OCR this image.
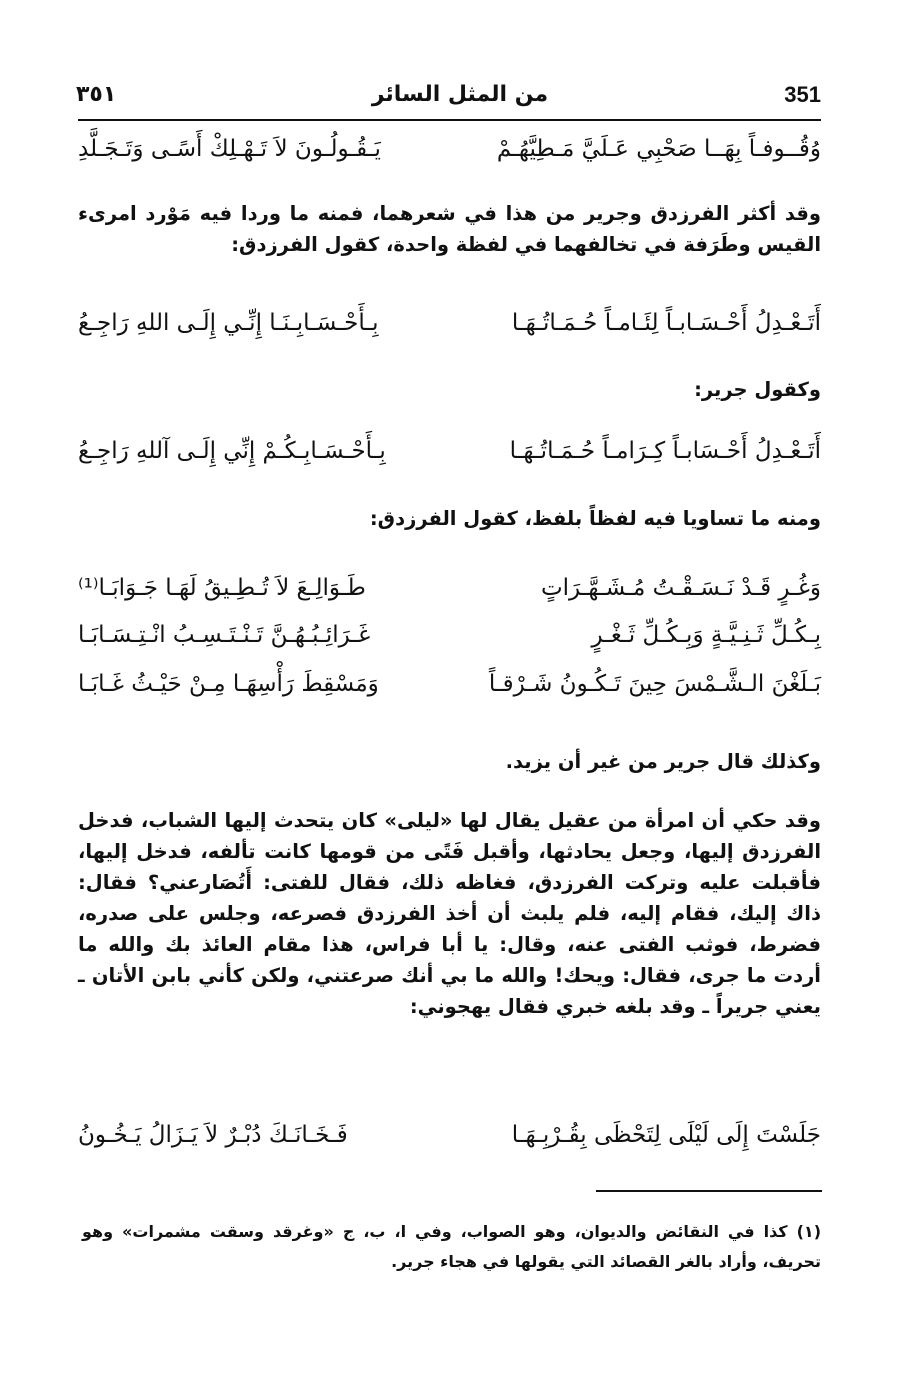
٣٥١	من المثل السائر	351
وُقُــوفـاً بِهَــا صَحْبِي عَـلَيَّ مَـطِيَّهُـمْ
يَـقُـولُـونَ لاَ تَـهْـلِكْ أَسًـى وَتَـجَـلَّدِ
وقد أكثر الفرزدق وجرير من هذا في شعرهما، فمنه ما وردا فيه مَوْرد امرىء القيس وطَرَفة في تخالفهما في لفظة واحدة، كقول الفرزدق:
أَتَـعْـدِلُ أَحْـسَـابـاً لِئَـامـاً حُـمَـاتُـهَـا
بِـأَحْـسَـابِـنَـا إِنِّـي إِلَـى اللهِ رَاجِـعُ
وكقول جرير:
أَتَـعْـدِلُ أَحْـسَابـاً كِـرَامـاً حُـمَـاتُـهَـا
بِـأَحْـسَـابِـكُـمْ إِنِّي إِلَـى آللهِ رَاجِـعُ
ومنه ما تساويا فيه لفظاً بلفظ، كقول الفرزدق:
وَغُـرٍ قَـدْ نَـسَـقْـتُ مُـشَـهَّـرَاتٍ
طَـوَالِـعَ لاَ تُـطِـيقُ لَهَـا جَـوَابَـا⁽¹⁾
بِـكُـلِّ ثَـنِـيَّـةٍ وَبِـكُـلِّ ثَـغْـرٍ
غَـرَائِـبُـهُـنَّ تَـنْـتَـسِـبُ انْـتِـسَـابَـا
بَـلَغْنَ الـشَّـمْسَ حِينَ تَـكُـونُ شَـرْقـاً
وَمَسْقِطَ رَأْسِهَـا مِـنْ حَيْـثُ غَـابَـا
وكذلك قال جرير من غير أن يزيد.
وقد حكي أن امرأة من عقيل يقال لها «ليلى» كان يتحدث إليها الشباب، فدخل الفرزدق إليها، وجعل يحادثها، وأقبل فَتًى من قومها كانت تألفه، فدخل إليها، فأقبلت عليه وتركت الفرزدق، فغاظه ذلك، فقال للفتى: أَتُصَارعني؟ فقال: ذاك إليك، فقام إليه، فلم يلبث أن أخذ الفرزدق فصرعه، وجلس على صدره، فضرط، فوثب الفتى عنه، وقال: يا أبا فراس، هذا مقام العائذ بك والله ما أردت ما جرى، فقال: ويحك! والله ما بي أنك صرعتني، ولكن كأني بابن الأتان ـ يعني جريراً ـ وقد بلغه خبري فقال يهجوني:
جَلَسْتَ إِلَى لَيْلَى لِتَحْظَى بِقُـرْبِـهَـا
فَـخَـانَـكَ دُبْـرٌ لاَ يَـزَالُ يَـخُـونُ
(١) كذا في النقائض والديوان، وهو الصواب، وفي ا، ب، ج «وغرقد وسقت مشمرات» وهو تحريف، وأراد بالغر القصائد التي يقولها في هجاء جرير.
